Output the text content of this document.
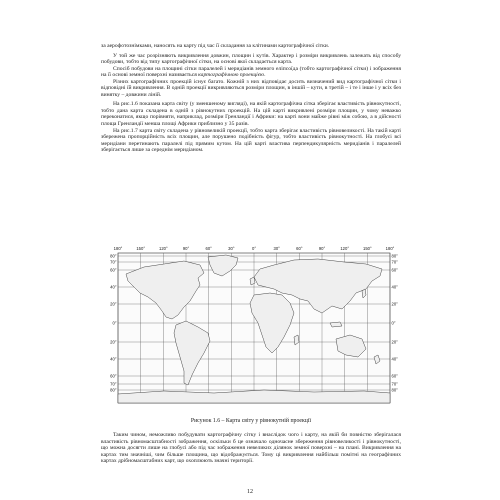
за аерофотознімками, наносять на карту під час її складання за клітинами картографічної сітки.

У той же час розрізняють викривлення довжин, площин і кутів. Характер і розміри викривлень залежать від способу побудови, тобто від типу картографічної сітки, на основі якої складається карта.

Спосіб побудови на площині сітки паралелей і меридіанів земного еліпсоїда (тобто картографічної сітки) і зображення на її основі земної поверхні називається картографічною проекцією.

Різних картографічних проекцій існує багато. Кожній з них відповідає досить визначений вид картографічної сітки і відповідні їй викривлення. В одній проекції викривляються розміри площин, в іншій – кути, в третій – і те і інше і у всіх без винятку – довжини ліній.

На рис.1.6 показана карта світу (у зменшеному вигляді), на якій картографічна сітка зберігає властивість рівнокутності, тобто дана карта складена в одній з рівнокутних проекцій. На цій карті викривлені розміри площин, у чому неважко переконатися, якщо порівняти, наприклад, розміри Гренландії і Африки: на карті вони майже рівні між собою, а в дійсності площа Гренландії менша площі Африки приблизно у 35 разів.

На рис.1.7 карта світу складена у рівновеликій проекції, тобто карта зберігає властивість рівновеликості. На такій карті збережена пропорційність всіх площин, але порушено подібність фігур, тобто властивість рівнокутності. На глобусі всі меридіани перетинають паралелі під прямим кутом. На цій карті властива перпендикулярність меридіанів і паралелей зберігається лише за середнім меридіаном.

180°	150°	120°	90°	60°	30°	0°	30°	60°	90°	120°	150°	180°
80°	80°
70°	70°
60°	60°
40°	40°
20°	20°
0°	0°
20°	20°
40°	40°
60°	60°
70°	70°
80°	80°
Рисунок 1.6 – Карта світу у рівнокутній проекції

Таким чином, неможливо побудувати картографічну сітку і внаслідок чого і карту, на якій би повністю зберігалася властивість рівномасштабності зображення, оскільки б це означало одночасне збереження рівновеликості і рівнокутності, що можна досягти лише на глобусі або під час зображення невеликих ділянок земної поверхні – на плані. Викривлення на картах тим значніші, чим більше площина, що відображується. Тому ці викривлення найбільш помітні на географічних картах дрібномасштабних карт, що охоплюють значні території.

12
